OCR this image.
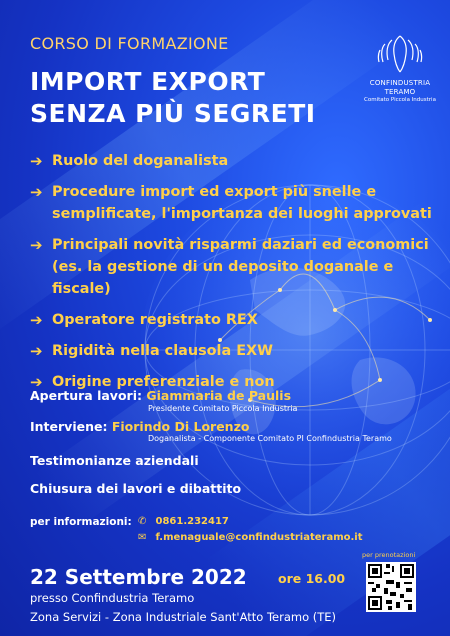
CORSO DI FORMAZIONE
IMPORT EXPORT
SENZA PIÙ SEGRETI
CONFINDUSTRIA
TERAMO
Comitato Piccola Industria
➔ Ruolo del doganalista
➔ Procedure import ed export più snelle e semplificate, l'importanza dei luoghi approvati
➔ Principali novità risparmi daziari ed economici (es. la gestione di un deposito doganale e fiscale)
➔ Operatore registrato REX
➔ Rigidità nella clausola EXW
➔ Origine preferenziale e non
Apertura lavori: Giammaria de Paulis
Presidente Comitato Piccola Industria
Interviene: Fiorindo Di Lorenzo
Doganalista - Componente Comitato PI Confindustria Teramo
Testimonianze aziendali
Chiusura dei lavori e dibattito
per informazioni: ✆ 0861.232417
✉ f.menaguale@confindustriateramo.it
22 Settembre 2022	ore 16.00
presso Confindustria Teramo
Zona Servizi - Zona Industriale Sant'Atto Teramo (TE)
per prenotazioni
